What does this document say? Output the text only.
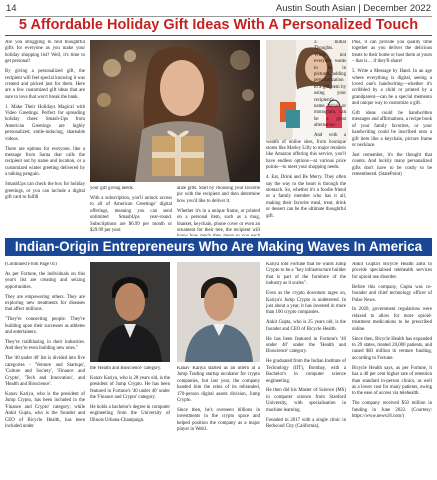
14	Austin South Asian | December 2022
5 Affordable Holiday Gift Ideas With A Personalized Touch

Are you struggling to find thoughtful gifts for everyone as you make your holiday shopping list? Well, it's time to get personal!

By giving a personalized gift, the recipient will feel special knowing it was created and picked just for them. Here are a few customized gift ideas that are sure to love that won't break the bank.

1. Make Their Holidays Magical with Video Greetings. Perfect for spreading holiday cheer. Smash-Ups from American Greetings are highly personalized, smile-inducing, shareable videos.

There are options for everyone, like a message from Santa that calls the recipient out by name and location, or a customized winter greeting delivered by a talking penguin.

SmashUps can check the box for holiday greetings, or you can include a digital gift card to fulfill

your gift giving needs.

With a subscription, you'll unlock access to all of American Greetings' digital offerings, meaning you can send unlimited SmashUps year-round. Subscriptions are $6.99 per month or $29.99 per year.

alize gifts. Start by choosing your favorite pic with the recipient and then determine how you'd like to deliver it.

Whether it's in a unique frame, or printed on a personal item, such as a mug, blanket, keychain, phone cover or even an ornament for their tree, the recipient will

3. Initial Thoughts. While not everyone wants to be in pictures, adding personalization to a gift item by using your recipient's name, initials or monogram, can be a great alternative.

And with a wealth of online sites, from boutique stores like Marley Lilly to major retailers like Amazon offering this service, you'll have endless options—at various price points—to meet your shopping needs.

4. Eat, Drink and Be Merry. They often say the way to the heart is through the stomach. So, whether it's a foodie friend or a family member who has it all, making their favorite meal, treat, drink or dessert can be the ultimate thoughtful gift.

Plus, it can provide you quality time together as you deliver the delicious treats to their home or host them at yours – that is… if they'll share!

5. Write a Message by Hand. In an age where everything is digital, seeing a loved one's handwriting—whether it's scribbled by a child or printed by a grandparent—can be a special memento and unique way to customize a gift.

Gift ideas could be handwritten messages and affirmations, a recipe book of your family favorites, or your handwriting could be inscribed onto a gift item like a keychain, picture frame or necklace.

Just remember, it's the thought that counts. And luckily many personalized gifts don't have to be costly to be remembered. (StatePoint)

Indian-Origin Entrepreneurs Who Are Making Waves In America

(Continued From Page 01)

As per Fortune, the individuals on this year's list are creating and seizing opportunities.

They are empowering others. They are exploring new treatments for diseases that affect millions.

"They're connecting people. They're building upon their successes as athletes and entertainers.

They're trailblazing in their industries. And they're even building new ones."

The '40 under 40' list is divided into five categories - 'Venture and Startups', 'Culture and Society', 'Finance and Crypto', 'Tech and Innovation', and 'Health and Bioscience'.

Kanav Kariya, who is the president of Jump Crypto, has been included in the 'Finance and Crypto' category; while Ankit Gupta, who is the founder and CEO of Bicycle Health, has been included under

the 'Health and Bioscience' category.

Kanav Kariya, who is 28 years old, is the president of Jump Crypto. He has been featured in Fortune's '40 under 40' under the 'Finance and Crypto' category.

He holds a bachelor's degree in computer engineering from the University of Illinois Urbana-Champaign.

Kanav Kariya started as an intern at a Jump Trading startup incubator for crypto companies, but last year, the company handed him the reins of its rebranded, 170-person digital assets division, Jump Crypto.

Since then, he's overseen billions in investments in the crypto space and helped position the company as a major player in Web3.

Kariya told Fortune that he wants Jump Crypto to be a "key infrastructure builder that is part of the furniture of the industry as it scales".

Even as the crypto downturn rages on, Kariya's Jump Crypto is undeterred. In just about a year, it has invested in more than 100 crypto companies.

Ankit Gupta, who is 25 years old, is the founder and CEO of Bicycle Health.

He has been featured in Fortune's '40 under 40' under the 'Health and Bioscience' category.

He graduated from the Indian Institute of Technology (IIT), Bombay, with a Bachelor's in computer science engineering.

He then did his Master of Science (MS) in computer science from Stanford University, with specialisation in machine learning.

Founded in 2017 with a single clinic in Redwood City (California),

Ankit Gupta's Bicycle Health aims to provide specialised telehealth services for opioid use disorder.

Before this company, Gupta was co-founder and chief technology officer of Pulse News.

In 2020, government regulations were relaxed to allow for more opioid-treatment medications to be prescribed online.

Since then, Bicycle Health has expanded to 29 states, treated 20,000 patients, and raised $83 million in venture funding, according to Fortune.

Bicycle Health says, as per Fortune, it has a 40 per cent higher rate of retention than standard in-person clinics, as well as a lower cost for many patients, owing to the ease of access via telehealth.

The company received $50 million in funding in June 2022. (Courtesy: https://www.news18.com/)
